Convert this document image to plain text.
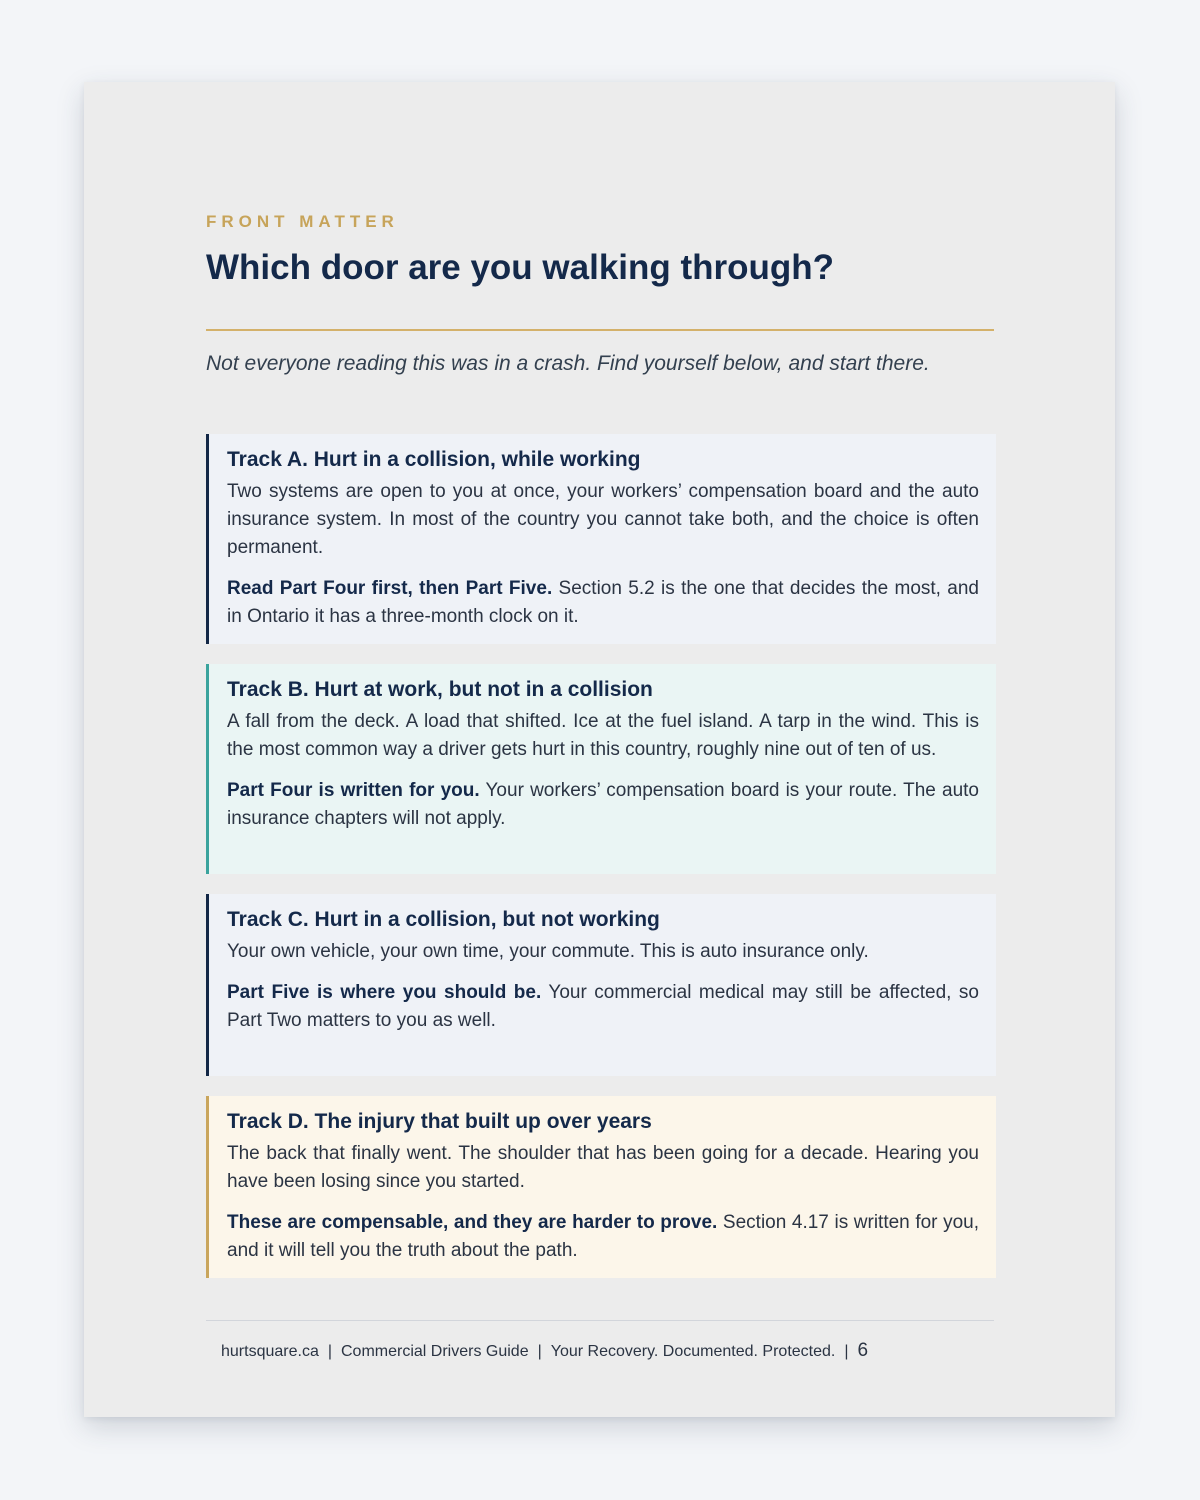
FRONT MATTER
Which door are you walking through?

Not everyone reading this was in a crash. Find yourself below, and start there.

Track A. Hurt in a collision, while working

Two systems are open to you at once, your workers’ compensation board and the auto insurance system. In most of the country you cannot take both, and the choice is often permanent.

Read Part Four first, then Part Five. Section 5.2 is the one that decides the most, and in Ontario it has a three-month clock on it.

Track B. Hurt at work, but not in a collision

A fall from the deck. A load that shifted. Ice at the fuel island. A tarp in the wind. This is the most common way a driver gets hurt in this country, roughly nine out of ten of us.

Part Four is written for you. Your workers’ compensation board is your route. The auto insurance chapters will not apply.

Track C. Hurt in a collision, but not working

Your own vehicle, your own time, your commute. This is auto insurance only.

Part Five is where you should be. Your commercial medical may still be affected, so Part Two matters to you as well.

Track D. The injury that built up over years

The back that finally went. The shoulder that has been going for a decade. Hearing you have been losing since you started.

These are compensable, and they are harder to prove. Section 4.17 is written for you, and it will tell you the truth about the path.

hurtsquare.ca | Commercial Drivers Guide | Your Recovery. Documented. Protected. | 6
